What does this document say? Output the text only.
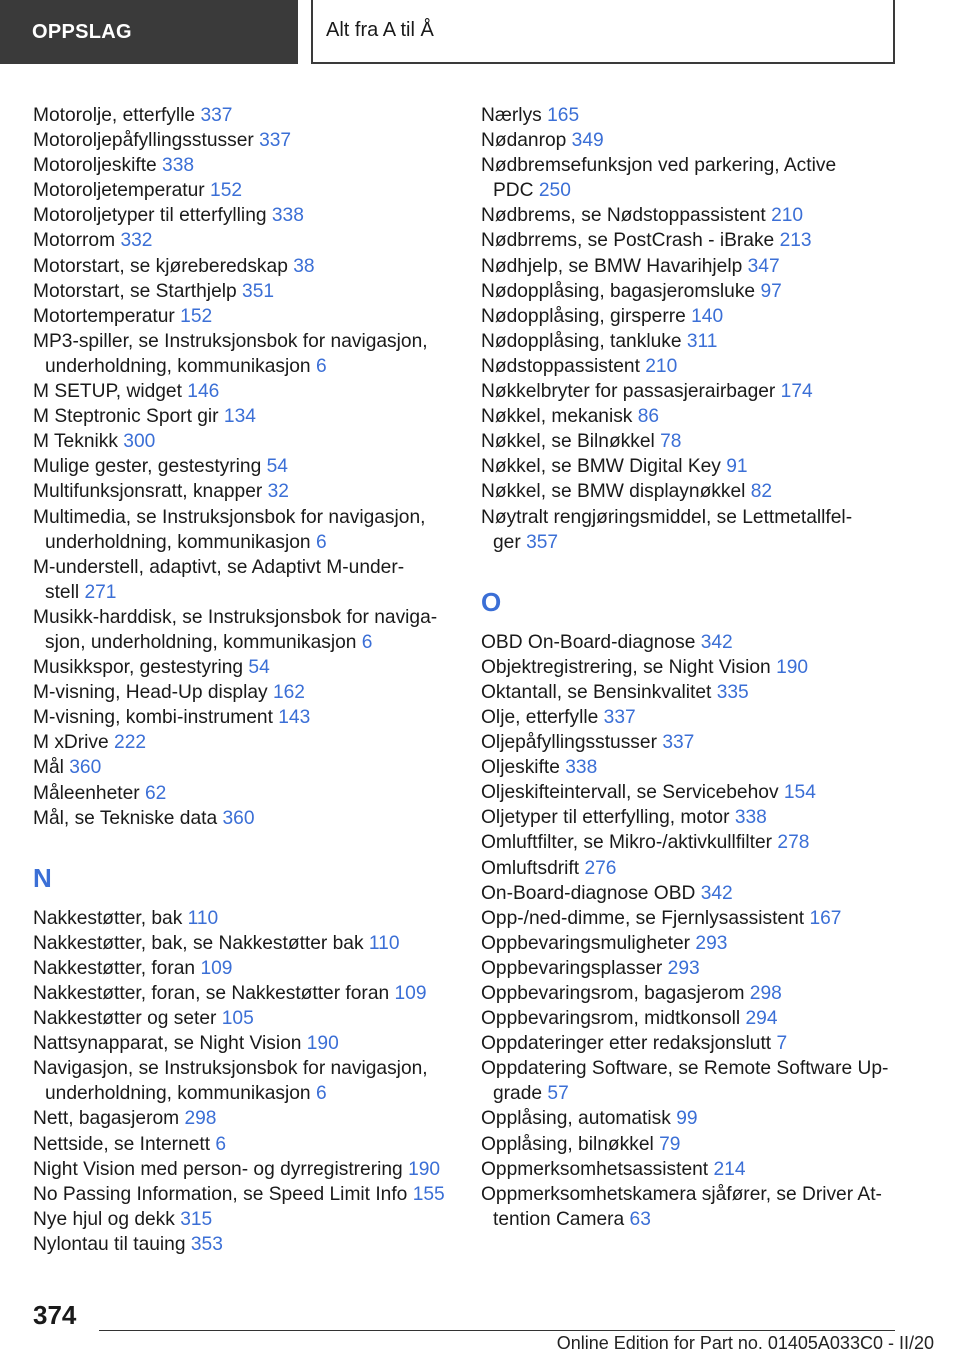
OPPSLAG	Alt fra A til Å
Motorolje, etterfylle 337
Motoroljepåfyllingsstusser 337
Motoroljeskifte 338
Motoroljetemperatur 152
Motoroljetyper til etterfylling 338
Motorrom 332
Motorstart, se kjøreberedskap 38
Motorstart, se Starthjelp 351
Motortemperatur 152
MP3-spiller, se Instruksjonsbok for navigasjon,
underholdning, kommunikasjon 6
M SETUP, widget 146
M Steptronic Sport gir 134
M Teknikk 300
Mulige gester, gestestyring 54
Multifunksjonsratt, knapper 32
Multimedia, se Instruksjonsbok for navigasjon,
underholdning, kommunikasjon 6
M-understell, adaptivt, se Adaptivt M-under‐
stell 271
Musikk-harddisk, se Instruksjonsbok for naviga‐
sjon, underholdning, kommunikasjon 6
Musikkspor, gestestyring 54
M-visning, Head-Up display 162
M-visning, kombi-instrument 143
M xDrive 222
Mål 360
Måleenheter 62
Mål, se Tekniske data 360
N
Nakkestøtter, bak 110
Nakkestøtter, bak, se Nakkestøtter bak 110
Nakkestøtter, foran 109
Nakkestøtter, foran, se Nakkestøtter foran 109
Nakkestøtter og seter 105
Nattsynapparat, se Night Vision 190
Navigasjon, se Instruksjonsbok for navigasjon,
underholdning, kommunikasjon 6
Nett, bagasjerom 298
Nettside, se Internett 6
Night Vision med person- og dyrregistrering 190
No Passing Information, se Speed Limit Info 155
Nye hjul og dekk 315
Nylontau til tauing 353
Nærlys 165
Nødanrop 349
Nødbremsefunksjon ved parkering, Active
PDC 250
Nødbrems, se Nødstoppassistent 210
Nødbrrems, se PostCrash - iBrake 213
Nødhjelp, se BMW Havarihjelp 347
Nødopplåsing, bagasjeromsluke 97
Nødopplåsing, girsperre 140
Nødopplåsing, tankluke 311
Nødstoppassistent 210
Nøkkelbryter for passasjerairbager 174
Nøkkel, mekanisk 86
Nøkkel, se Bilnøkkel 78
Nøkkel, se BMW Digital Key 91
Nøkkel, se BMW displaynøkkel 82
Nøytralt rengjøringsmiddel, se Lettmetallfel‐
ger 357
O
OBD On-Board-diagnose 342
Objektregistrering, se Night Vision 190
Oktantall, se Bensinkvalitet 335
Olje, etterfylle 337
Oljepåfyllingsstusser 337
Oljeskifte 338
Oljeskifteintervall, se Servicebehov 154
Oljetyper til etterfylling, motor 338
Omluftfilter, se Mikro-/aktivkullfilter 278
Omluftsdrift 276
On-Board-diagnose OBD 342
Opp-/ned-dimme, se Fjernlysassistent 167
Oppbevaringsmuligheter 293
Oppbevaringsplasser 293
Oppbevaringsrom, bagasjerom 298
Oppbevaringsrom, midtkonsoll 294
Oppdateringer etter redaksjonslutt 7
Oppdatering Software, se Remote Software Up‐
grade 57
Opplåsing, automatisk 99
Opplåsing, bilnøkkel 79
Oppmerksomhetsassistent 214
Oppmerksomhetskamera sjåfører, se Driver At‐
tention Camera 63
374
Online Edition for Part no. 01405A033C0 - II/20
